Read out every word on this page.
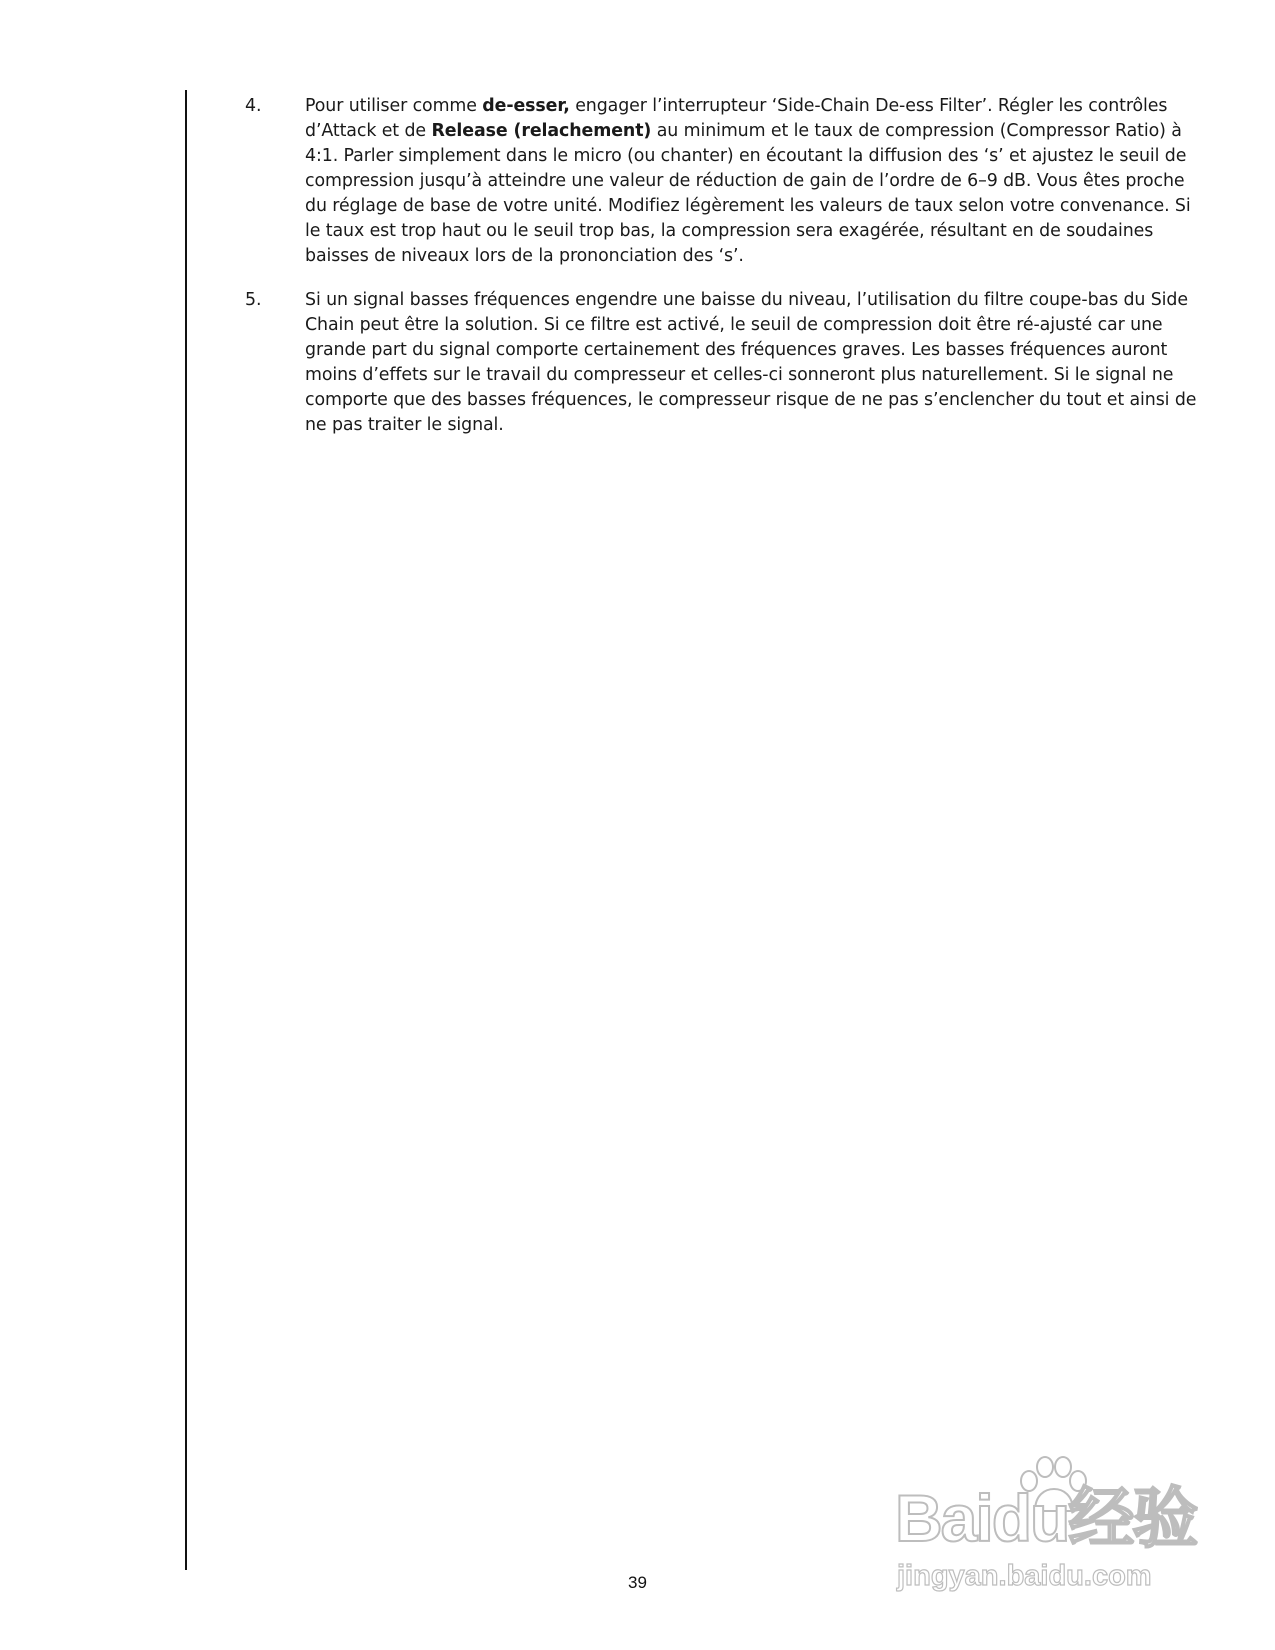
4.	Pour utiliser comme de-esser, engager l’interrupteur ‘Side-Chain De-ess Filter’. Régler les contrôles d’Attack et de Release (relachement) au minimum et le taux de compression (Compressor Ratio) à 4:1. Parler simplement dans le micro (ou chanter) en écoutant la diffusion des ‘s’ et ajustez le seuil de compression jusqu’à atteindre une valeur de réduction de gain de l’ordre de 6–9 dB. Vous êtes proche du réglage de base de votre unité. Modifiez légèrement les valeurs de taux selon votre convenance. Si le taux est trop haut ou le seuil trop bas, la compression sera exagérée, résultant en de soudaines baisses de niveaux lors de la prononciation des ‘s’.
5.	Si un signal basses fréquences engendre une baisse du niveau, l’utilisation du filtre coupe-bas du Side Chain peut être la solution. Si ce filtre est activé, le seuil de compression doit être ré-ajusté car une grande part du signal comporte certainement des fréquences graves. Les basses fréquences auront moins d’effets sur le travail du compresseur et celles-ci sonneront plus naturellement. Si le signal ne comporte que des basses fréquences, le compresseur risque de ne pas s’enclencher du tout et ainsi de ne pas traiter le signal.
39
Baidu经验
jingyan.baidu.com
